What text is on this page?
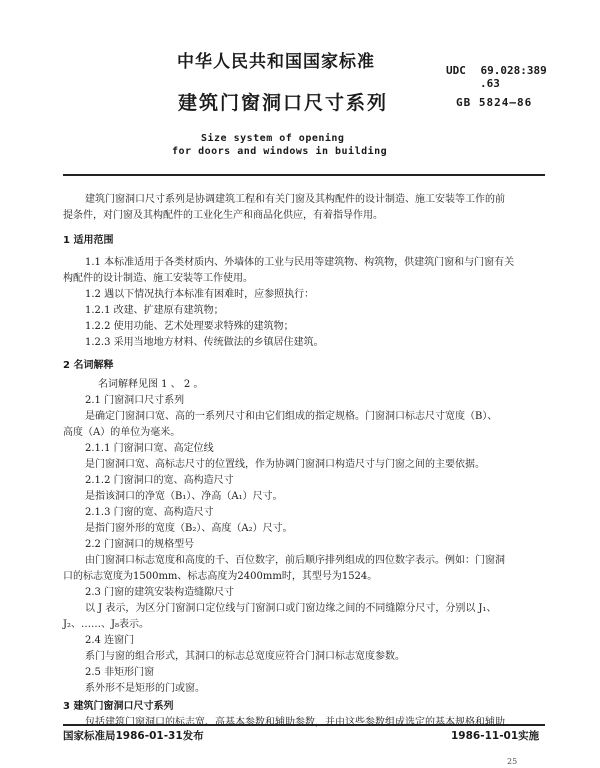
中华人民共和国国家标准
建筑门窗洞口尺寸系列
Size system of opening
for doors and windows in building
UDC 69.028:389
.63
GB 5824—86
建筑门窗洞口尺寸系列是协调建筑工程和有关门窗及其构配件的设计制造、施工安装等工作的前
提条件，对门窗及其构配件的工业化生产和商品化供应，有着指导作用。
1 适用范围
1.1 本标准适用于各类材质内、外墙体的工业与民用等建筑物、构筑物，供建筑门窗和与门窗有关
构配件的设计制造、施工安装等工作使用。
1.2 遇以下情况执行本标准有困难时，应参照执行：
1.2.1 改建、扩建原有建筑物；
1.2.2 使用功能、艺术处理要求特殊的建筑物；
1.2.3 采用当地地方材料、传统做法的乡镇居住建筑。
2 名词解释
名词解释见图 1 、 2 。
2.1 门窗洞口尺寸系列
是确定门窗洞口宽、高的一系列尺寸和由它们组成的指定规格。门窗洞口标志尺寸宽度（B）、
高度（A）的单位为毫米。
2.1.1 门窗洞口宽、高定位线
是门窗洞口宽、高标志尺寸的位置线，作为协调门窗洞口构造尺寸与门窗之间的主要依据。
2.1.2 门窗洞口的宽、高构造尺寸
是指该洞口的净宽（B₁）、净高（A₁）尺寸。
2.1.3 门窗的宽、高构造尺寸
是指门窗外形的宽度（B₂）、高度（A₂）尺寸。
2.2 门窗洞口的规格型号
由门窗洞口标志宽度和高度的千、百位数字，前后顺序排列组成的四位数字表示。例如：门窗洞
口的标志宽度为1500mm、标志高度为2400mm时，其型号为1524。
2.3 门窗的建筑安装构造缝隙尺寸
以 J 表示，为区分门窗洞口定位线与门窗洞口或门窗边缘之间的不同缝隙分尺寸，分别以 J₁、
J₂、……、J₈表示。
2.4 连窗门
系门与窗的组合形式，其洞口的标志总宽度应符合门洞口标志宽度参数。
2.5 非矩形门窗
系外形不是矩形的门或窗。
3 建筑门窗洞口尺寸系列
包括建筑门窗洞口的标志宽、高基本参数和辅助参数，并由这些参数组成选定的基本规格和辅助
国家标准局1986-01-31发布	1986-11-01实施
25
